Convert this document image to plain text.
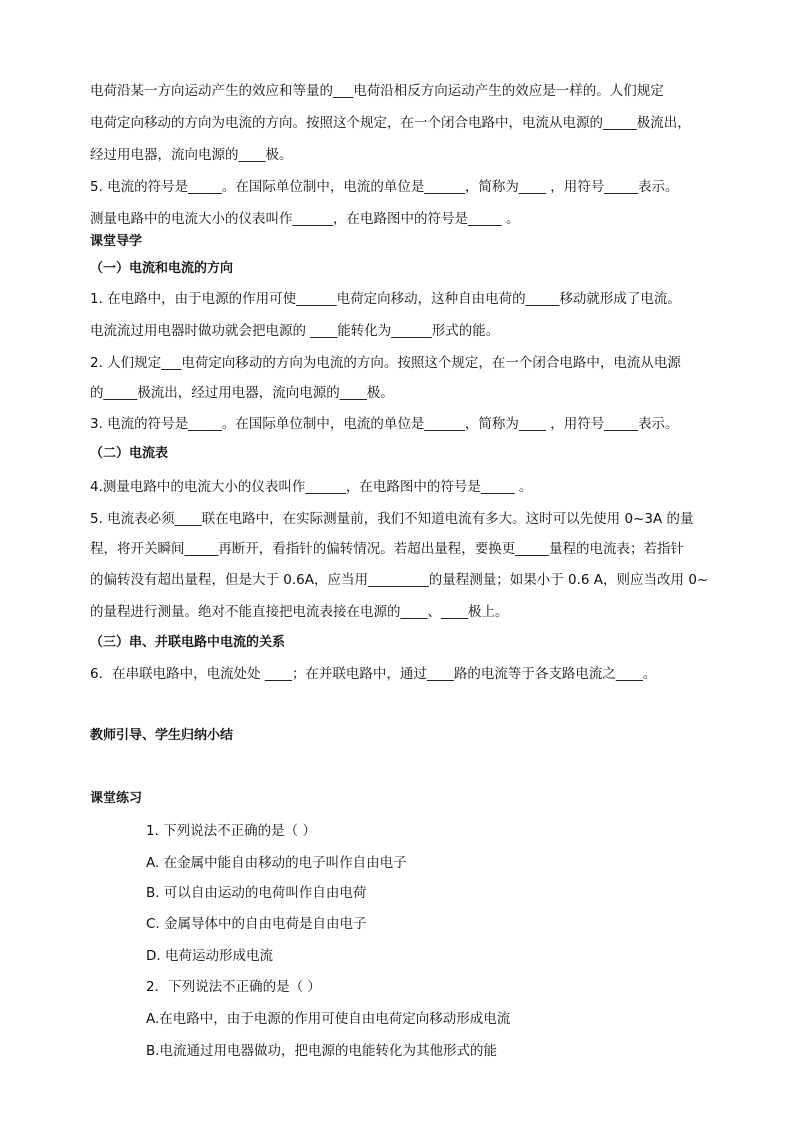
电荷沿某一方向运动产生的效应和等量的___电荷沿相反方向运动产生的效应是一样的。人们规定
电荷定向移动的方向为电流的方向。按照这个规定，在一个闭合电路中，电流从电源的_____极流出，
经过用电器，流向电源的____极。
5. 电流的符号是_____。在国际单位制中，电流的单位是______，简称为____ ，用符号_____表示。
测量电路中的电流大小的仪表叫作______，在电路图中的符号是_____ 。
课堂导学
（一）电流和电流的方向
1. 在电路中，由于电源的作用可使______电荷定向移动，这种自由电荷的_____移动就形成了电流。
电流流过用电器时做功就会把电源的 ____能转化为______形式的能。
2. 人们规定___电荷定向移动的方向为电流的方向。按照这个规定，在一个闭合电路中，电流从电源
的_____极流出，经过用电器，流向电源的____极。
3. 电流的符号是_____。在国际单位制中，电流的单位是______，简称为____ ，用符号_____表示。
（二）电流表
4.测量电路中的电流大小的仪表叫作______，在电路图中的符号是_____ 。
5. 电流表必须____联在电路中，在实际测量前，我们不知道电流有多大。这时可以先使用 0~3A 的量
程，将开关瞬间_____再断开，看指针的偏转情况。若超出量程，要换更_____量程的电流表；若指针
的偏转没有超出量程，但是大于 0.6A，应当用_________的量程测量；如果小于 0.6 A，则应当改用 0~
的量程进行测量。绝对不能直接把电流表接在电源的____、____极上。
（三）串、并联电路中电流的关系
6．在串联电路中，电流处处 ____；在并联电路中，通过____路的电流等于各支路电流之____。
教师引导、学生归纳小结
课堂练习
1. 下列说法不正确的是（ ）
A. 在金属中能自由移动的电子叫作自由电子
B. 可以自由运动的电荷叫作自由电荷
C. 金属导体中的自由电荷是自由电子
D. 电荷运动形成电流
2．下列说法不正确的是（ ）
A.在电路中，由于电源的作用可使自由电荷定向移动形成电流
B.电流通过用电器做功，把电源的电能转化为其他形式的能
